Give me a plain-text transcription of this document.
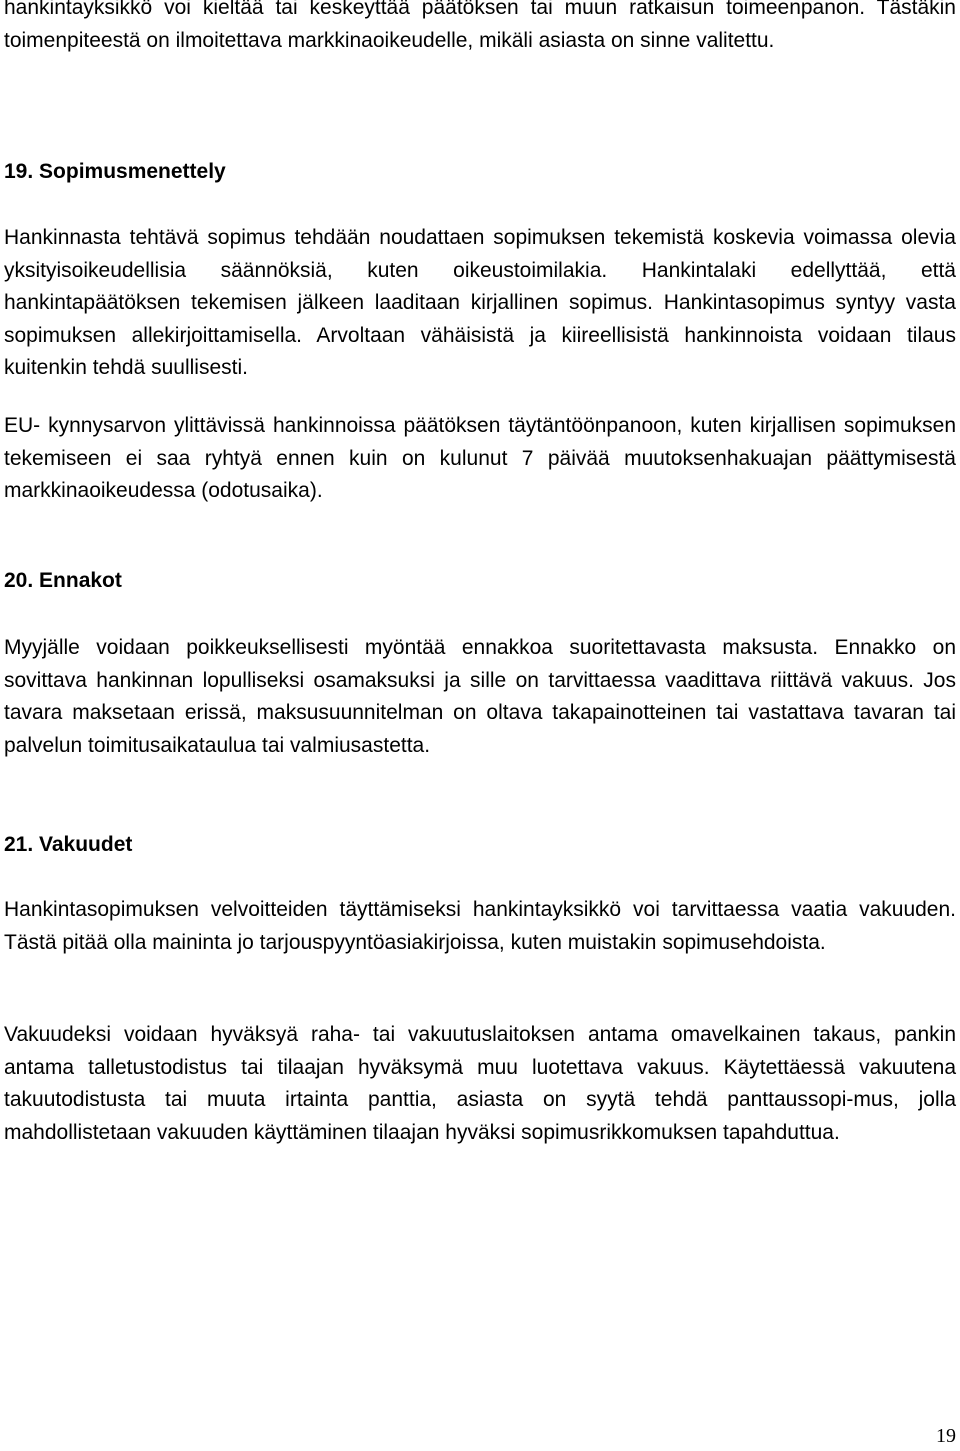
hankintayksikkö voi kieltää tai keskeyttää päätöksen tai muun ratkaisun toimeenpanon. Tästäkin toimenpiteestä on ilmoitettava markkinaoikeudelle, mikäli asiasta on sinne valitettu.

19. Sopimusmenettely

Hankinnasta tehtävä sopimus tehdään noudattaen sopimuksen tekemistä koskevia voimassa olevia yksityisoikeudellisia säännöksiä, kuten oikeustoimilakia. Hankintalaki edellyttää, että hankintapäätöksen tekemisen jälkeen laaditaan kirjallinen sopimus. Hankintasopimus syntyy vasta sopimuksen allekirjoittamisella. Arvoltaan vähäisistä ja kiireellisistä hankinnoista voidaan tilaus kuitenkin tehdä suullisesti.

EU- kynnysarvon ylittävissä hankinnoissa päätöksen täytäntöönpanoon, kuten kirjallisen sopimuksen tekemiseen ei saa ryhtyä ennen kuin on kulunut 7 päivää muutoksenhakuajan päättymisestä markkinaoikeudessa (odotusaika).

20. Ennakot

Myyjälle voidaan poikkeuksellisesti myöntää ennakkoa suoritettavasta maksusta. Ennakko on sovittava hankinnan lopulliseksi osamaksuksi ja sille on tarvittaessa vaadittava riittävä vakuus. Jos tavara maksetaan erissä, maksusuunnitelman on oltava takapainotteinen tai vastattava tavaran tai palvelun toimitusaikataulua tai valmiusastetta.

21. Vakuudet

Hankintasopimuksen velvoitteiden täyttämiseksi hankintayksikkö voi tarvittaessa vaatia vakuuden. Tästä pitää olla maininta jo tarjouspyyntöasiakirjoissa, kuten muistakin sopimusehdoista.

Vakuudeksi voidaan hyväksyä raha- tai vakuutuslaitoksen antama omavelkainen takaus, pankin antama talletustodistus tai tilaajan hyväksymä muu luotettava vakuus. Käytettäessä vakuutena takuutodistusta tai muuta irtainta panttia, asiasta on syytä tehdä panttaussopi-mus, jolla mahdollistetaan vakuuden käyttäminen tilaajan hyväksi sopimusrikkomuksen tapahduttua.

19
